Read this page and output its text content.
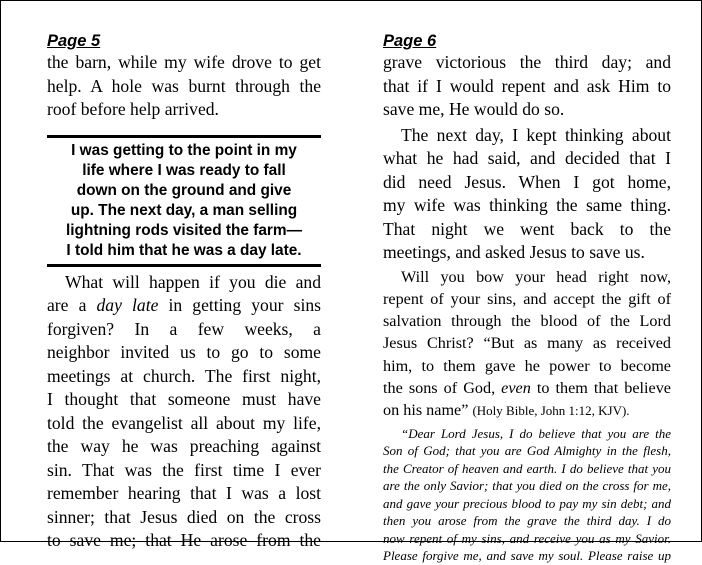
Page 5
the barn, while my wife drove to get
help. A hole was burnt through the
roof before help arrived.
I was getting to the point in my
life where I was ready to fall
down on the ground and give
up. The next day, a man selling
lightning rods visited the farm—
I told him that he was a day late.
What will happen if you die and
are a day late in getting your sins
forgiven? In a few weeks, a
neighbor invited us to go to some
meetings at church. The first night,
I thought that someone must have
told the evangelist all about my life,
the way he was preaching against
sin. That was the first time I ever
remember hearing that I was a lost
sinner; that Jesus died on the cross
to save me; that He arose from the
Page 6
grave victorious the third day; and
that if I would repent and ask Him to
save me, He would do so.
The next day, I kept thinking about
what he had said, and decided that I
did need Jesus. When I got home,
my wife was thinking the same thing.
That night we went back to the
meetings, and asked Jesus to save us.
Will you bow your head right now,
repent of your sins, and accept the gift of
salvation through the blood of the Lord
Jesus Christ? “But as many as received
him, to them gave he power to become
the sons of God, even to them that believe
on his name” (Holy Bible, John 1:12, KJV).
“Dear Lord Jesus, I do believe that you are the
Son of God; that you are God Almighty in the flesh,
the Creator of heaven and earth. I do believe that you
are the only Savior; that you died on the cross for me,
and gave your precious blood to pay my sin debt; and
then you arose from the grave the third day. I do
now repent of my sins, and receive you as my Savior.
Please forgive me, and save my soul. Please raise up
